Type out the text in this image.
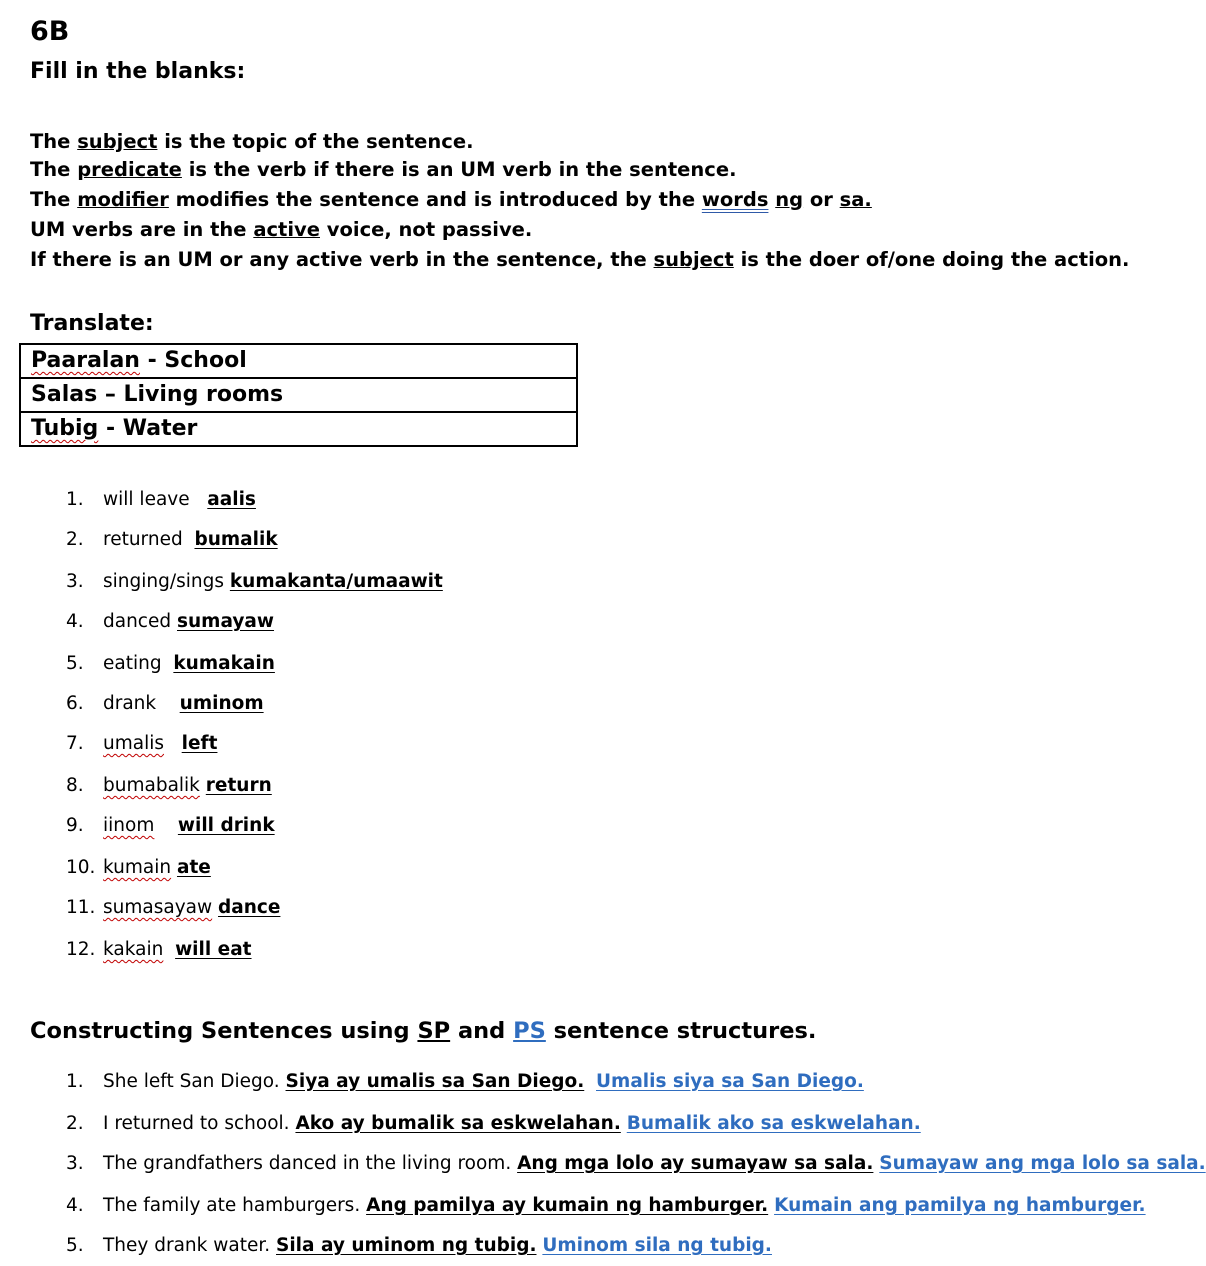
6B
Fill in the blanks:
The subject is the topic of the sentence.
The predicate is the verb if there is an UM verb in the sentence.
The modifier modifies the sentence and is introduced by the words ng or sa.
UM verbs are in the active voice, not passive.
If there is an UM or any active verb in the sentence, the subject is the doer of/one doing the action.
Translate:
Paaralan - School
Salas – Living rooms
Tubig - Water
1. will leave aalis
2. returned bumalik
3. singing/sings kumakanta/umaawit
4. danced sumayaw
5. eating kumakain
6. drank uminom
7. umalis left
8. bumabalik return
9. iinom will drink
10. kumain ate
11. sumasayaw dance
12. kakain will eat
Constructing Sentences using SP and PS sentence structures.
1. She left San Diego. Siya ay umalis sa San Diego. Umalis siya sa San Diego.
2. I returned to school. Ako ay bumalik sa eskwelahan. Bumalik ako sa eskwelahan.
3. The grandfathers danced in the living room. Ang mga lolo ay sumayaw sa sala. Sumayaw ang mga lolo sa sala.
4. The family ate hamburgers. Ang pamilya ay kumain ng hamburger. Kumain ang pamilya ng hamburger.
5. They drank water. Sila ay uminom ng tubig. Uminom sila ng tubig.
